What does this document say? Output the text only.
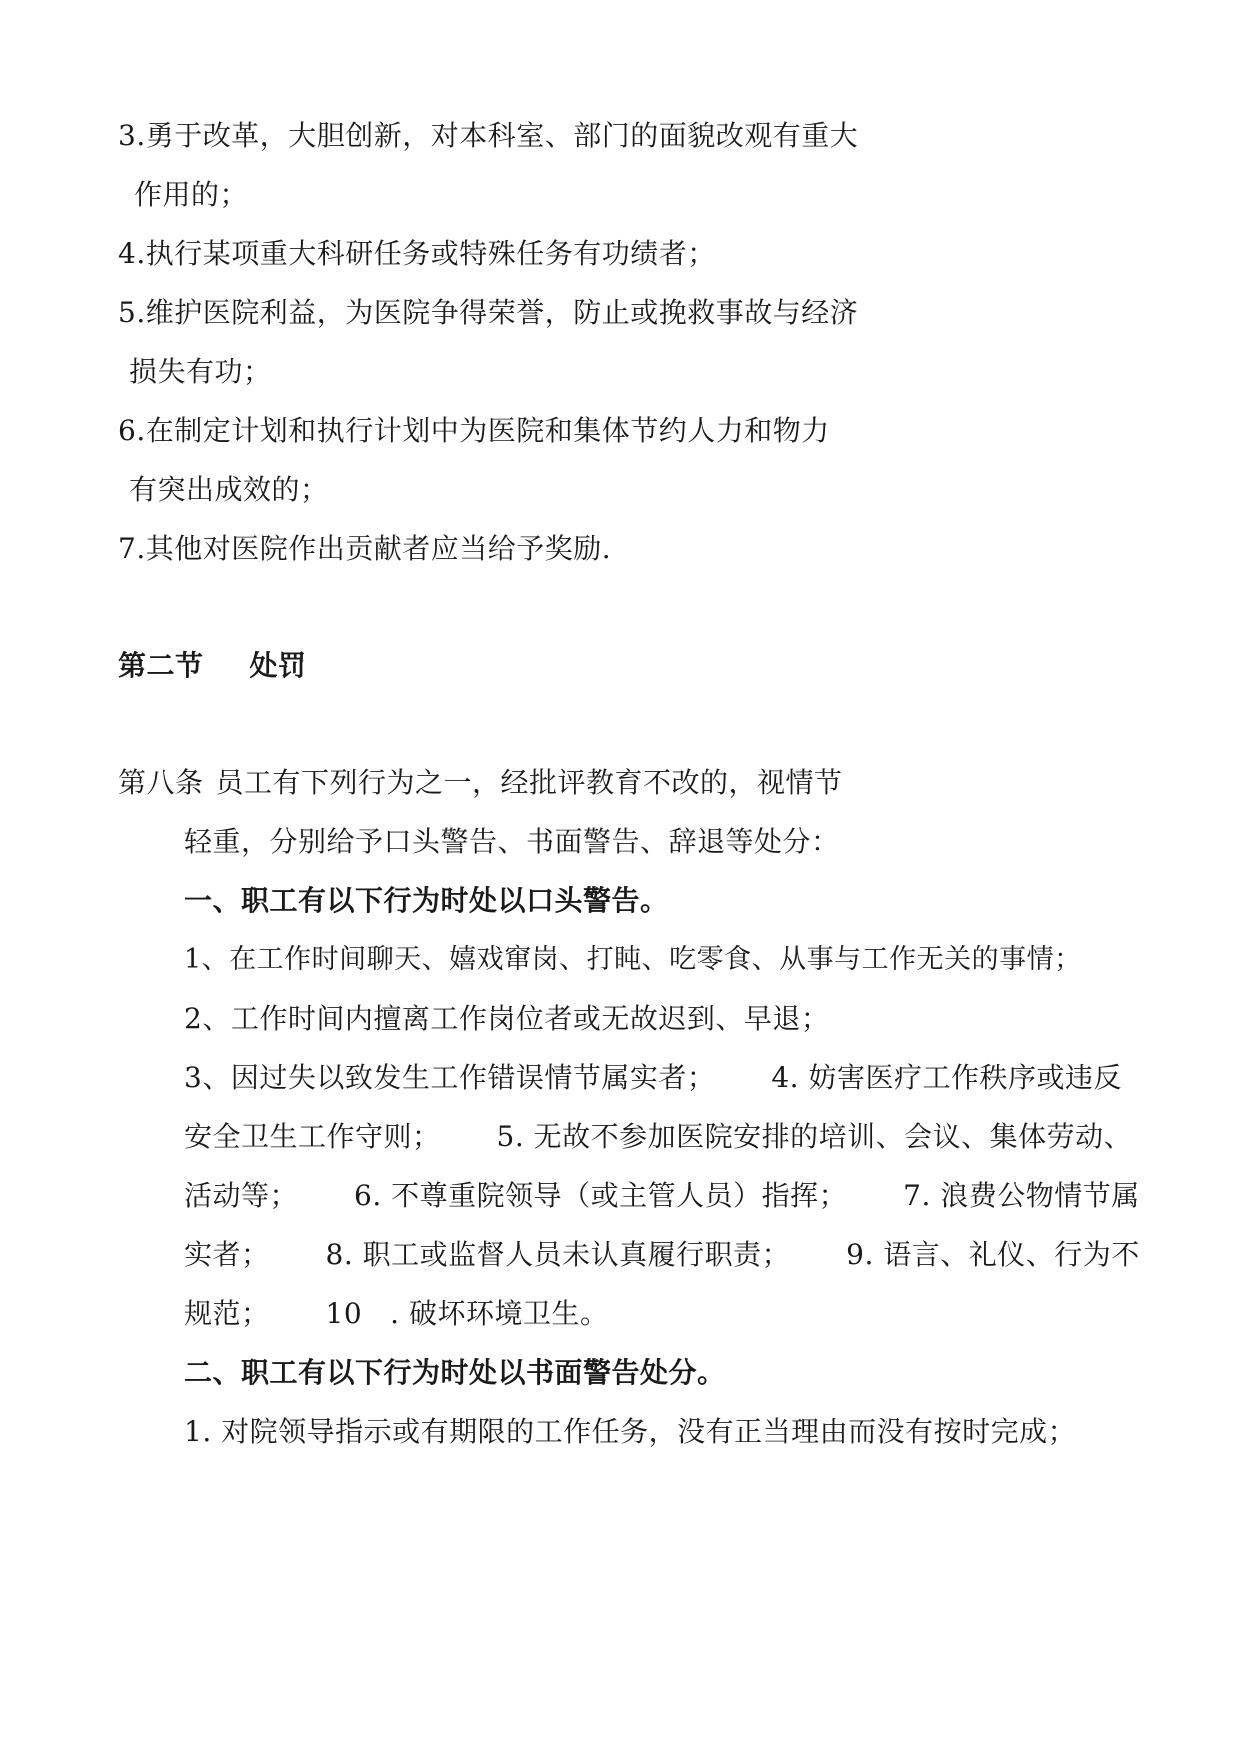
3.勇于改革，大胆创新，对本科室、部门的面貌改观有重大
作用的；
4.执行某项重大科研任务或特殊任务有功绩者；
5.维护医院利益，为医院争得荣誉，防止或挽救事故与经济
损失有功；
6.在制定计划和执行计划中为医院和集体节约人力和物力
有突出成效的；
7.其他对医院作出贡献者应当给予奖励.
第二节 处罚
第八条 员工有下列行为之一，经批评教育不改的，视情节
轻重，分别给予口头警告、书面警告、辞退等处分：
一、职工有以下行为时处以口头警告。
1、在工作时间聊天、嬉戏窜岗、打盹、吃零食、从事与工作无关的事情；
2、工作时间内擅离工作岗位者或无故迟到、早退；
3、因过失以致发生工作错误情节属实者； 4. 妨害医疗工作秩序或违反
安全卫生工作守则； 5. 无故不参加医院安排的培训、会议、集体劳动、
活动等； 6. 不尊重院领导（或主管人员）指挥； 7. 浪费公物情节属
实者； 8. 职工或监督人员未认真履行职责； 9. 语言、礼仪、行为不
规范； 10 . 破坏环境卫生。
二、职工有以下行为时处以书面警告处分。
1. 对院领导指示或有期限的工作任务，没有正当理由而没有按时完成；
